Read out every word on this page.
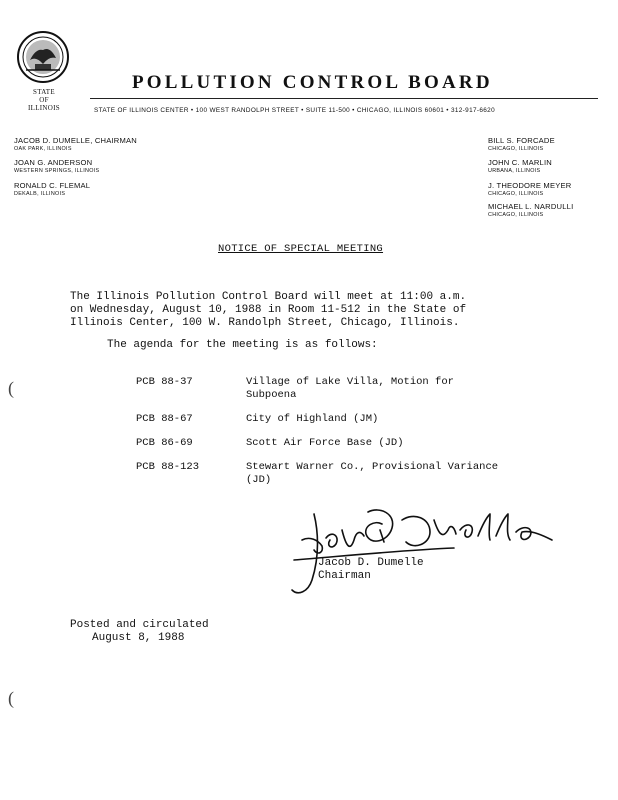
STATE
OF
ILLINOIS
POLLUTION CONTROL BOARD
STATE OF ILLINOIS CENTER • 100 WEST RANDOLPH STREET • SUITE 11-500 • CHICAGO, ILLINOIS 60601 • 312-917-6620
JACOB D. DUMELLE, CHAIRMAN
OAK PARK, ILLINOIS
JOAN G. ANDERSON
WESTERN SPRINGS, ILLINOIS
RONALD C. FLEMAL
DEKALB, ILLINOIS
BILL S. FORCADE
CHICAGO, ILLINOIS
JOHN C. MARLIN
URBANA, ILLINOIS
J. THEODORE MEYER
CHICAGO, ILLINOIS
MICHAEL L. NARDULLI
CHICAGO, ILLINOIS
NOTICE OF SPECIAL MEETING
The Illinois Pollution Control Board will meet at 11:00 a.m.
on Wednesday, August 10, 1988 in Room 11-512 in the State of
Illinois Center, 100 W. Randolph Street, Chicago, Illinois.
The agenda for the meeting is as follows:
PCB 88-37	Village of Lake Villa, Motion for
Subpoena
PCB 88-67	City of Highland (JM)
PCB 86-69	Scott Air Force Base (JD)
PCB 88-123	Stewart Warner Co., Provisional Variance
(JD)
Jacob D. Dumelle
Chairman
Posted and circulated
August 8, 1988
(
(
